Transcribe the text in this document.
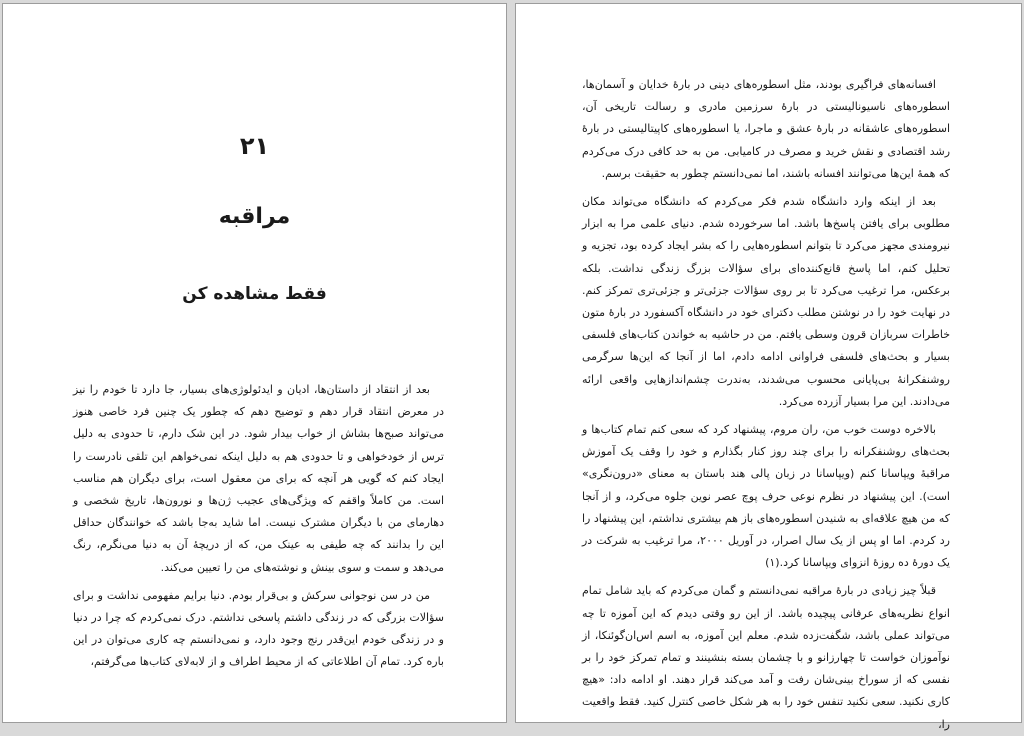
۲۱
مراقبه
فقط مشاهده کن

بعد از انتقاد از داستان‌ها، ادیان و ایدئولوژی‌های بسیار، جا دارد تا خودم را نیز در معرض انتقاد قرار دهم و توضیح دهم که چطور یک چنین فرد خاصی هنوز می‌تواند صبح‌ها بشاش از خواب بیدار شود. در این شک دارم، تا حدودی به دلیل ترس از خودخواهی و تا حدودی هم به دلیل اینکه نمی‌خواهم این تلقی نادرست را ایجاد کنم که گویی هر آنچه که برای من معقول است، برای دیگران هم مناسب است. من کاملاً واقفم که ویژگی‌های عجیب ژن‌ها و نورون‌ها، تاریخ شخصی و دهارمای من با دیگران مشترک نیست. اما شاید به‌جا باشد که خوانندگان حداقل این را بدانند که چه طیفی به عینک من، که از دریچهٔ آن به دنیا می‌نگرم، رنگ می‌دهد و سمت و سوی بینش و نوشته‌های من را تعیین می‌کند.

من در سن نوجوانی سرکش و بی‌قرار بودم. دنیا برایم مفهومی نداشت و برای سؤالات بزرگی که در زندگی داشتم پاسخی نداشتم. درک نمی‌کردم که چرا در دنیا و در زندگی خودم این‌قدر رنج وجود دارد، و نمی‌دانستم چه کاری می‌توان در این باره کرد. تمام آن اطلاعاتی که از محیط اطراف و از لابه‌لای کتاب‌ها می‌گرفتم،

افسانه‌های فراگیری بودند، مثل اسطوره‌های دینی در بارهٔ خدایان و آسمان‌ها، اسطوره‌های ناسیونالیستی در بارهٔ سرزمین مادری و رسالت تاریخی آن، اسطوره‌های عاشقانه در بارهٔ عشق و ماجرا، یا اسطوره‌های کاپیتالیستی در بارهٔ رشد اقتصادی و نقش خرید و مصرف در کامیابی. من به حد کافی درک می‌کردم که همهٔ این‌ها می‌توانند افسانه باشند، اما نمی‌دانستم چطور به حقیقت برسم.

بعد از اینکه وارد دانشگاه شدم فکر می‌کردم که دانشگاه می‌تواند مکان مطلوبی برای یافتن پاسخ‌ها باشد. اما سرخورده شدم. دنیای علمی مرا به ابزار نیرومندی مجهز می‌کرد تا بتوانم اسطوره‌هایی را که بشر ایجاد کرده بود، تجزیه و تحلیل کنم، اما پاسخ قانع‌کننده‌ای برای سؤالات بزرگ زندگی نداشت. بلکه برعکس، مرا ترغیب می‌کرد تا بر روی سؤالات جزئی‌تر و جزئی‌تری تمرکز کنم. در نهایت خود را در نوشتن مطلب دکترای خود در دانشگاه آکسفورد در بارهٔ متون خاطرات سربازان قرون وسطی یافتم. من در حاشیه به خواندن کتاب‌های فلسفی بسیار و بحث‌های فلسفی فراوانی ادامه دادم، اما از آنجا که این‌ها سرگرمی روشنفکرانهٔ بی‌پایانی محسوب می‌شدند، به‌ندرت چشم‌اندازهایی واقعی ارائه می‌دادند. این مرا بسیار آزرده می‌کرد.

بالاخره دوست خوب من، ران مروم، پیشنهاد کرد که سعی کنم تمام کتاب‌ها و بحث‌های روشنفکرانه را برای چند روز کنار بگذارم و خود را وقف یک آموزش مراقبهٔ ویپاسانا کنم (ویپاسانا در زبان پالی هند باستان به معنای «درون‌نگری» است). این پیشنهاد در نظرم نوعی حرف پوچ عصر نوین جلوه می‌کرد، و از آنجا که من هیچ علاقه‌ای به شنیدن اسطوره‌های باز هم بیشتری نداشتم، این پیشنهاد را رد کردم. اما او پس از یک سال اصرار، در آوریل ۲۰۰۰، مرا ترغیب به شرکت در یک دورهٔ ده روزهٔ انزوای ویپاسانا کرد.(۱)

قبلاً چیز زیادی در بارهٔ مراقبه نمی‌دانستم و گمان می‌کردم که باید شامل تمام انواع نظریه‌های عرفانی پیچیده باشد. از این رو وقتی دیدم که این آموزه تا چه می‌تواند عملی باشد، شگفت‌زده شدم. معلم این آموزه، به اسم اس‌ان‌گوئنکا، از نوآموزان خواست تا چهارزانو و با چشمان بسته بنشینند و تمام تمرکز خود را بر نفسی که از سوراخ بینی‌شان رفت و آمد می‌کند قرار دهند. او ادامه داد: «هیچ کاری نکنید. سعی نکنید تنفس خود را به هر شکل خاصی کنترل کنید. فقط واقعیت را،
